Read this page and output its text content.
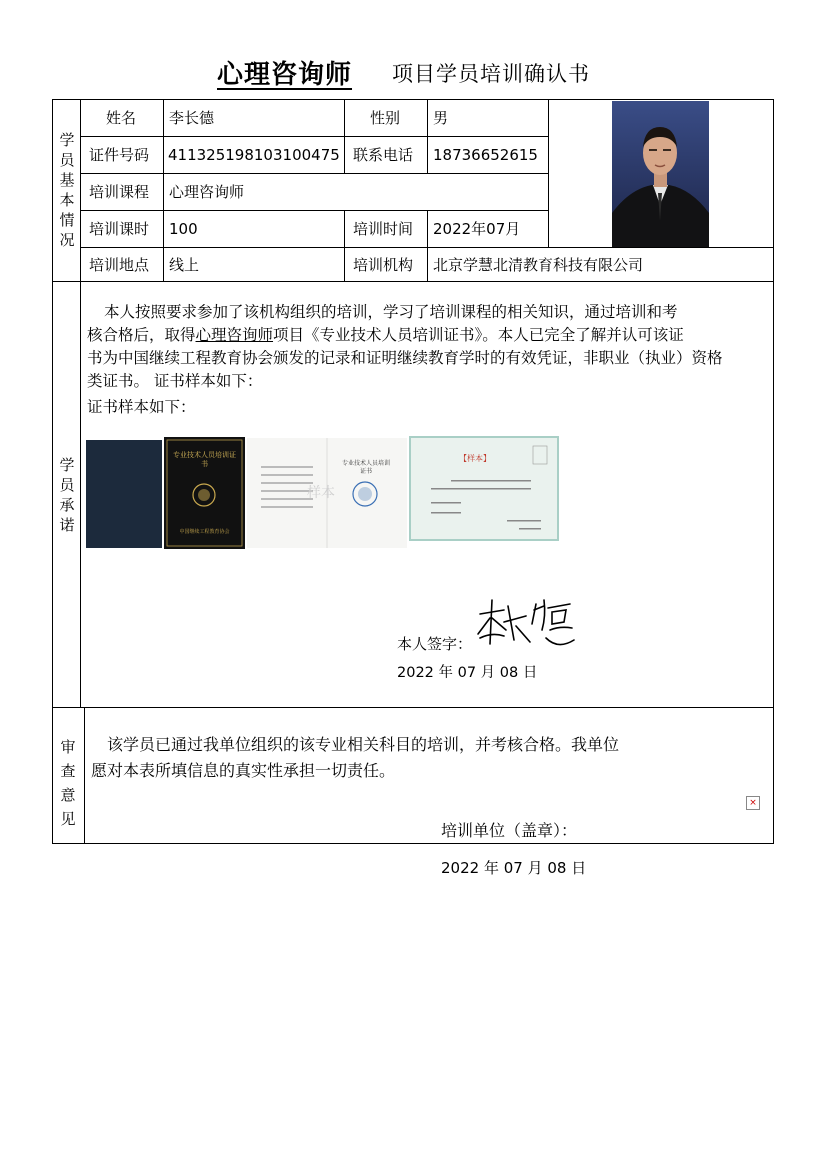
心理咨询师 项目学员培训确认书
学
员
基
本
情
况
学
员
承
诺
审
查
意
见
姓名 李长德	性别 男
证件号码 411325198103100475 联系电话 18736652615
培训课程 心理咨询师
培训课时 100	培训时间 2022年07月
培训地点 线上	培训机构 北京学慧北清教育科技有限公司
本人按照要求参加了该机构组织的培训，学习了培训课程的相关知识，通过培训和考
核合格后，取得心理咨询师项目《专业技术人员培训证书》。本人已完全了解并认可该证
书为中国继续工程教育协会颁发的记录和证明继续教育学时的有效凭证，非职业（执业）资格
类证书。 证书样本如下：
证书样本如下：
专业技术人员培训证书
中国继续工程教育协会
专业技术人员培训证书
样本
【样本】
本人签字：
2022 年 07 月 08 日
该学员已通过我单位组织的该专业相关科目的培训，并考核合格。我单位
愿对本表所填信息的真实性承担一切责任。
×
培训单位（盖章）：
2022 年 07 月 08 日
